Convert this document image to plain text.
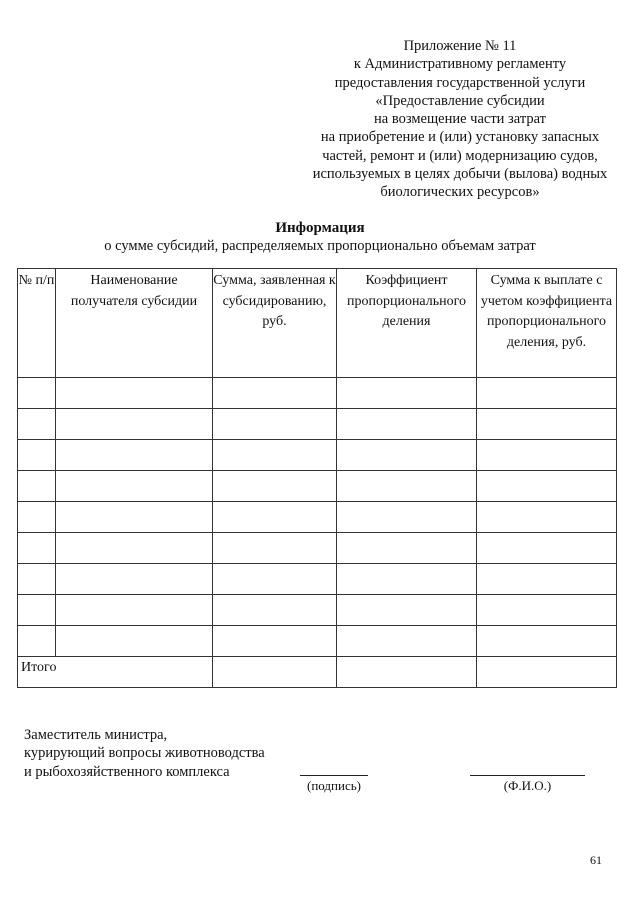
Приложение № 11
к Административному регламенту
предоставления государственной услуги
«Предоставление субсидии
на возмещение части затрат
на приобретение и (или) установку запасных
частей, ремонт и (или) модернизацию судов,
используемых в целях добычи (вылова) водных
биологических ресурсов»
Информация
о сумме субсидий, распределяемых пропорционально объемам затрат
№ п/п	Наименование получателя субсидии	Сумма, заявленная к субсидированию, руб.	Коэффициент пропорционального деления	Сумма к выплате с учетом коэффициента пропорционального деления, руб.

Итого				
Заместитель министра,
курирующий вопросы животноводства
и рыбохозяйственного комплекса
(подпись)	(Ф.И.О.)
61
